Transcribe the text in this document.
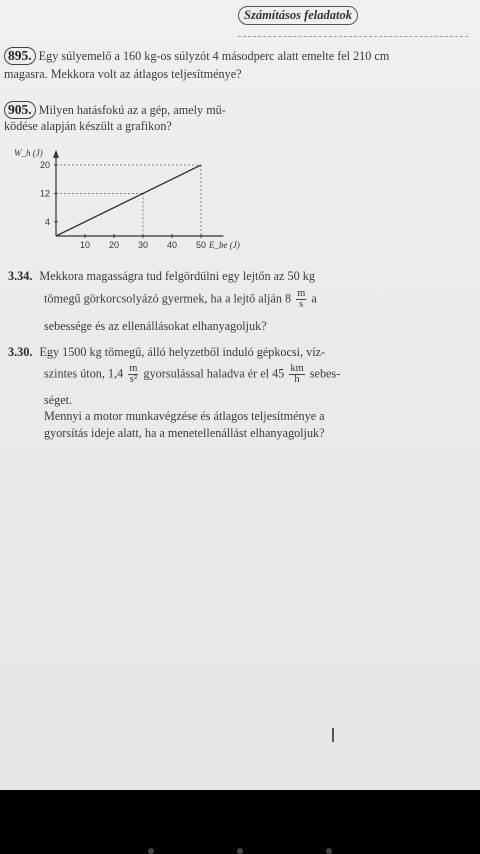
Számításos feladatok
895. Egy súlyemelő a 160 kg-os súlyzót 4 másodperc alatt emelte fel 210 cm
magasra. Mekkora volt az átlagos teljesítménye?
905. Milyen hatásfokú az a gép, amely mű-
ködése alapján készült a grafikon?
W_h (J)
E_be (J)
10 20 30 40 50
4
12
20
3.34. Mekkora magasságra tud felgördülni egy lejtőn az 50 kg
tömegű görkorcsolyázó gyermek, ha a lejtő alján $8 \frac{m}{s}$ a
sebessége és az ellenállásokat elhanyagoljuk?
3.30. Egy 1500 kg tömegű, álló helyzetből induló gépkocsi, víz-
szintes úton, $1,4 \frac{m}{\text{s²}}$ gyorsulással haladva ér el $45 \frac{km}{h}$ sebes-
séget.
Mennyi a motor munkavégzése és átlagos teljesítménye a
gyorsítás ideje alatt, ha a menetellenállást elhanyagoljuk?
